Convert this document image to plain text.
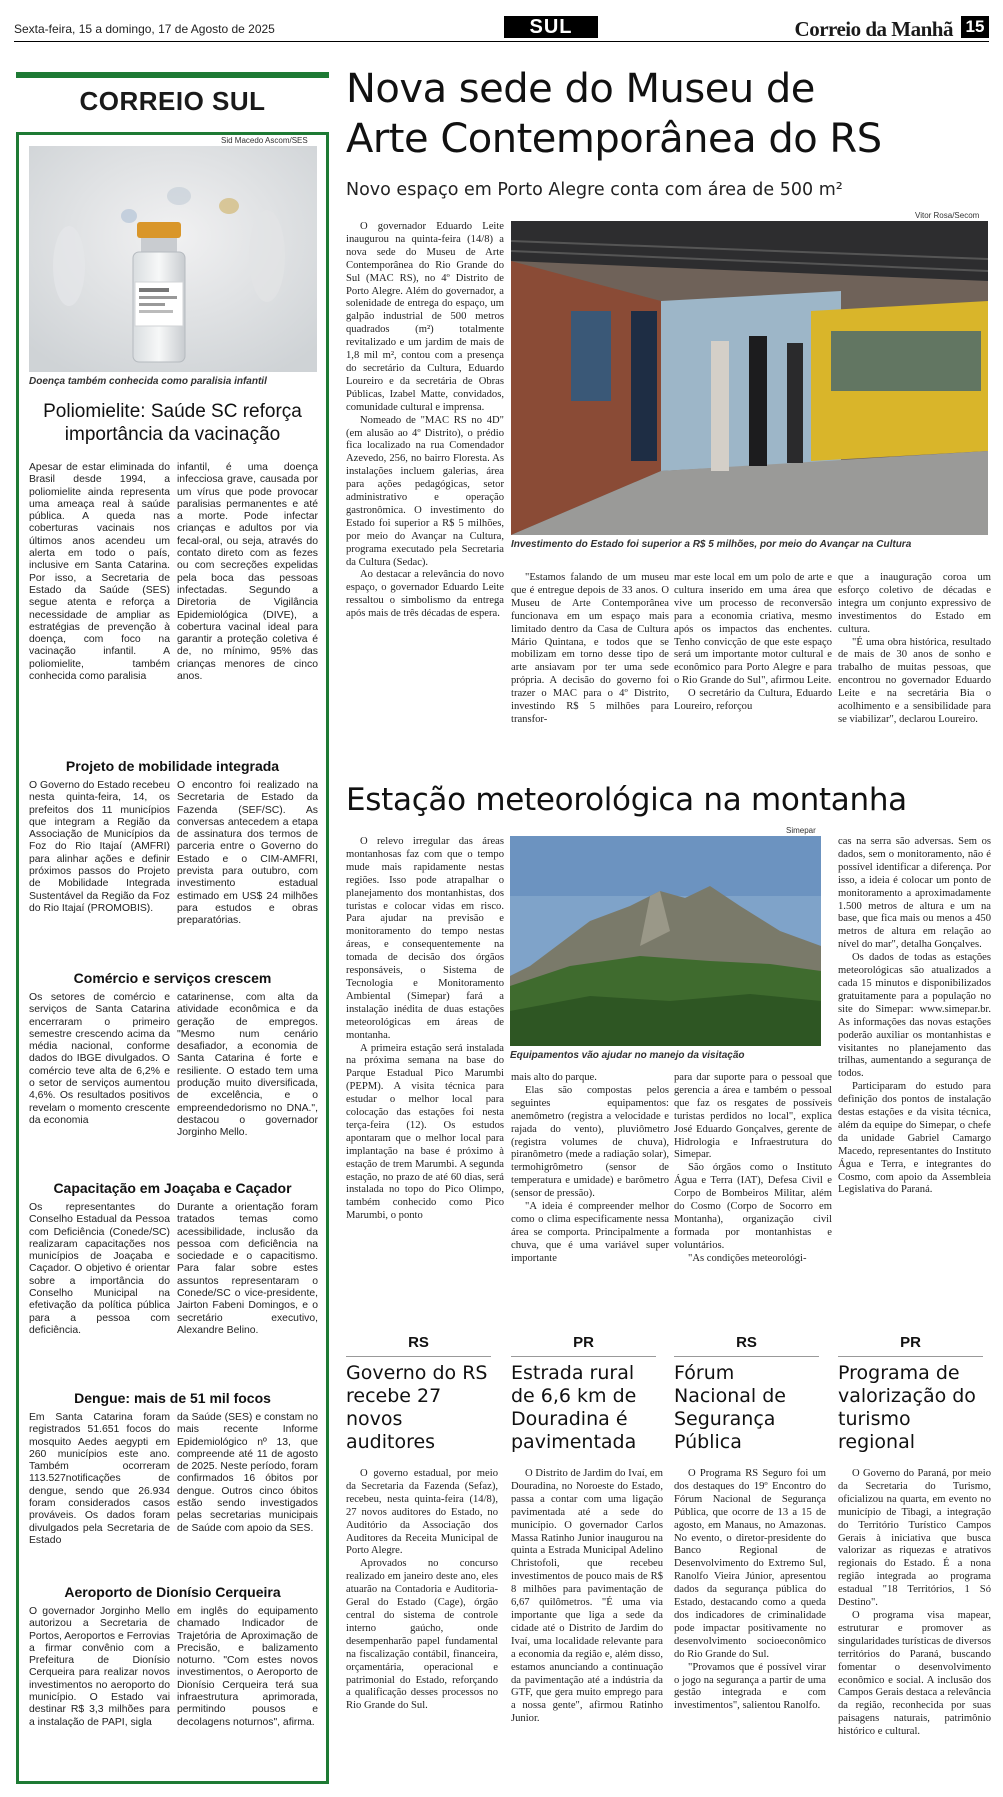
Sexta-feira, 15 a domingo, 17 de Agosto de 2025	SUL	Correio da Manhã 15
CORREIO SUL
Sid Macedo Ascom/SES
Doença também conhecida como paralisia infantil
Poliomielite: Saúde SC reforça importância da vacinação

Apesar de estar eliminada do Brasil desde 1994, a poliomielite ainda representa uma ameaça real à saúde pública. A queda nas coberturas vacinais nos últimos anos acendeu um alerta em todo o país, inclusive em Santa Catarina. Por isso, a Secretaria de Estado da Saúde (SES) segue atenta e reforça a necessidade de ampliar as estratégias de prevenção à doença, com foco na vacinação infantil. A poliomielite, também conhecida como paralisia

infantil, é uma doença infecciosa grave, causada por um vírus que pode provocar paralisias permanentes e até a morte. Pode infectar crianças e adultos por via fecal-oral, ou seja, através do contato direto com as fezes ou com secreções expelidas pela boca das pessoas infectadas. Segundo a Diretoria de Vigilância Epidemiológica (DIVE), a cobertura vacinal ideal para garantir a proteção coletiva é de, no mínimo, 95% das crianças menores de cinco anos.

Projeto de mobilidade integrada

O Governo do Estado recebeu nesta quinta-feira, 14, os prefeitos dos 11 municípios que integram a Região da Associação de Municípios da Foz do Rio Itajaí (AMFRI) para alinhar ações e definir próximos passos do Projeto de Mobilidade Integrada Sustentável da Região da Foz do Rio Itajaí (PROMOBIS).

O encontro foi realizado na Secretaria de Estado da Fazenda (SEF/SC). As conversas antecedem a etapa de assinatura dos termos de parceria entre o Governo do Estado e o CIM-AMFRI, prevista para outubro, com investimento estadual estimado em US$ 24 milhões para estudos e obras preparatórias.

Comércio e serviços crescem

Os setores de comércio e serviços de Santa Catarina encerraram o primeiro semestre crescendo acima da média nacional, conforme dados do IBGE divulgados. O comércio teve alta de 6,2% e o setor de serviços aumentou 4,6%. Os resultados positivos revelam o momento crescente da economia

catarinense, com alta da atividade econômica e da geração de empregos. "Mesmo num cenário desafiador, a economia de Santa Catarina é forte e resiliente. O estado tem uma produção muito diversificada, de excelência, e o empreendedorismo no DNA.", destacou o governador Jorginho Mello.

Capacitação em Joaçaba e Caçador

Os representantes do Conselho Estadual da Pessoa com Deficiência (Conede/SC) realizaram capacitações nos municípios de Joaçaba e Caçador. O objetivo é orientar sobre a importância do Conselho Municipal na efetivação da política pública para a pessoa com deficiência.

Durante a orientação foram tratados temas como acessibilidade, inclusão da pessoa com deficiência na sociedade e o capacitismo. Para falar sobre estes assuntos representaram o Conede/SC o vice-presidente, Jairton Fabeni Domingos, e o secretário executivo, Alexandre Belino.

Dengue: mais de 51 mil focos

Em Santa Catarina foram registrados 51.651 focos do mosquito Aedes aegypti em 260 municípios este ano. Também ocorreram 113.527notificações de dengue, sendo que 26.934 foram considerados casos prováveis. Os dados foram divulgados pela Secretaria de Estado

da Saúde (SES) e constam no mais recente Informe Epidemiológico nº 13, que compreende até 11 de agosto de 2025. Neste período, foram confirmados 16 óbitos por dengue. Outros cinco óbitos estão sendo investigados pelas secretarias municipais de Saúde com apoio da SES.

Aeroporto de Dionísio Cerqueira

O governador Jorginho Mello autorizou a Secretaria de Portos, Aeroportos e Ferrovias a firmar convênio com a Prefeitura de Dionísio Cerqueira para realizar novos investimentos no aeroporto do município. O Estado vai destinar R$ 3,3 milhões para a instalação de PAPI, sigla

em inglês do equipamento chamado Indicador de Trajetória de Aproximação de Precisão, e balizamento noturno. "Com estes novos investimentos, o Aeroporto de Dionísio Cerqueira terá sua infraestrutura aprimorada, permitindo pousos e decolagens noturnos", afirma.

Nova sede do Museu de
Arte Contemporânea do RS
Novo espaço em Porto Alegre conta com área de 500 m²
Vitor Rosa/Secom
Investimento do Estado foi superior a R$ 5 milhões, por meio do Avançar na Cultura

O governador Eduardo Leite inaugurou na quinta-feira (14/8) a nova sede do Museu de Arte Contemporânea do Rio Grande do Sul (MAC RS), no 4º Distrito de Porto Alegre. Além do governador, a solenidade de entrega do espaço, um galpão industrial de 500 metros quadrados (m²) totalmente revitalizado e um jardim de mais de 1,8 mil m², contou com a presença do secretário da Cultura, Eduardo Loureiro e da secretária de Obras Públicas, Izabel Matte, convidados, comunidade cultural e imprensa.

Nomeado de "MAC RS no 4D" (em alusão ao 4º Distrito), o prédio fica localizado na rua Comendador Azevedo, 256, no bairro Floresta. As instalações incluem galerias, área para ações pedagógicas, setor administrativo e operação gastronômica. O investimento do Estado foi superior a R$ 5 milhões, por meio do Avançar na Cultura, programa executado pela Secretaria da Cultura (Sedac).

Ao destacar a relevância do novo espaço, o governador Eduardo Leite ressaltou o simbolismo da entrega após mais de três décadas de espera.

"Estamos falando de um museu que é entregue depois de 33 anos. O Museu de Arte Contemporânea funcionava em um espaço mais limitado dentro da Casa de Cultura Mário Quintana, e todos que se mobilizam em torno desse tipo de arte ansiavam por ter uma sede própria. A decisão do governo foi trazer o MAC para o 4º Distrito, investindo R$ 5 milhões para transfor-

mar este local em um polo de arte e cultura inserido em uma área que vive um processo de reconversão para a economia criativa, mesmo após os impactos das enchentes. Tenho convicção de que este espaço será um importante motor cultural e econômico para Porto Alegre e para o Rio Grande do Sul", afirmou Leite.

O secretário da Cultura, Eduardo Loureiro, reforçou

que a inauguração coroa um esforço coletivo de décadas e integra um conjunto expressivo de investimentos do Estado em cultura.

"É uma obra histórica, resultado de mais de 30 anos de sonho e trabalho de muitas pessoas, que encontrou no governador Eduardo Leite e na secretária Bia o acolhimento e a sensibilidade para se viabilizar", declarou Loureiro.

Estação meteorológica na montanha
Simepar
Equipamentos vão ajudar no manejo da visitação

O relevo irregular das áreas montanhosas faz com que o tempo mude mais rapidamente nestas regiões. Isso pode atrapalhar o planejamento dos montanhistas, dos turistas e colocar vidas em risco. Para ajudar na previsão e monitoramento do tempo nestas áreas, e consequentemente na tomada de decisão dos órgãos responsáveis, o Sistema de Tecnologia e Monitoramento Ambiental (Simepar) fará a instalação inédita de duas estações meteorológicas em áreas de montanha.

A primeira estação será instalada na próxima semana na base do Parque Estadual Pico Marumbi (PEPM). A visita técnica para estudar o melhor local para colocação das estações foi nesta terça-feira (12). Os estudos apontaram que o melhor local para implantação na base é próximo à estação de trem Marumbi. A segunda estação, no prazo de até 60 dias, será instalada no topo do Pico Olimpo, também conhecido como Pico Marumbi, o ponto

mais alto do parque.

Elas são compostas pelos seguintes equipamentos: anemômetro (registra a velocidade e rajada do vento), pluviômetro (registra volumes de chuva), piranômetro (mede a radiação solar), termohigrômetro (sensor de temperatura e umidade) e barômetro (sensor de pressão).

"A ideia é compreender melhor como o clima especificamente nessa área se comporta. Principalmente a chuva, que é uma variável super importante

para dar suporte para o pessoal que gerencia a área e também o pessoal que faz os resgates de possíveis turistas perdidos no local", explica José Eduardo Gonçalves, gerente de Hidrologia e Infraestrutura do Simepar.

São órgãos como o Instituto Água e Terra (IAT), Defesa Civil e Corpo de Bombeiros Militar, além do Cosmo (Corpo de Socorro em Montanha), organização civil formada por montanhistas e voluntários.

"As condições meteorológi-

cas na serra são adversas. Sem os dados, sem o monitoramento, não é possível identificar a diferença. Por isso, a ideia é colocar um ponto de monitoramento a aproximadamente 1.500 metros de altura e um na base, que fica mais ou menos a 450 metros de altura em relação ao nível do mar", detalha Gonçalves.

Os dados de todas as estações meteorológicas são atualizados a cada 15 minutos e disponibilizados gratuitamente para a população no site do Simepar: www.simepar.br. As informações das novas estações poderão auxiliar os montanhistas e visitantes no planejamento das trilhas, aumentando a segurança de todos.

Participaram do estudo para definição dos pontos de instalação destas estações e da visita técnica, além da equipe do Simepar, o chefe da unidade Gabriel Camargo Macedo, representantes do Instituto Água e Terra, e integrantes do Cosmo, com apoio da Assembleia Legislativa do Paraná.

RS
Governo do RS recebe 27 novos auditores

O governo estadual, por meio da Secretaria da Fazenda (Sefaz), recebeu, nesta quinta-feira (14/8), 27 novos auditores do Estado, no Auditório da Associação dos Auditores da Receita Municipal de Porto Alegre.

Aprovados no concurso realizado em janeiro deste ano, eles atuarão na Contadoria e Auditoria-Geral do Estado (Cage), órgão central do sistema de controle interno gaúcho, onde desempenharão papel fundamental na fiscalização contábil, financeira, orçamentária, operacional e patrimonial do Estado, reforçando a qualificação desses processos no Rio Grande do Sul.

PR
Estrada rural de 6,6 km de Douradina é pavimentada

O Distrito de Jardim do Ivaí, em Douradina, no Noroeste do Estado, passa a contar com uma ligação pavimentada até a sede do município. O governador Carlos Massa Ratinho Junior inaugurou na quinta a Estrada Municipal Adelino Christofoli, que recebeu investimentos de pouco mais de R$ 8 milhões para pavimentação de 6,67 quilômetros. "É uma via importante que liga a sede da cidade até o Distrito de Jardim do Ivaí, uma localidade relevante para a economia da região e, além disso, estamos anunciando a continuação da pavimentação até a indústria da GTF, que gera muito emprego para a nossa gente", afirmou Ratinho Junior.

RS
Fórum Nacional de Segurança Pública

O Programa RS Seguro foi um dos destaques do 19º Encontro do Fórum Nacional de Segurança Pública, que ocorre de 13 a 15 de agosto, em Manaus, no Amazonas. No evento, o diretor-presidente do Banco Regional de Desenvolvimento do Extremo Sul, Ranolfo Vieira Júnior, apresentou dados da segurança pública do Estado, destacando como a queda dos indicadores de criminalidade pode impactar positivamente no desenvolvimento socioeconômico do Rio Grande do Sul.

"Provamos que é possível virar o jogo na segurança a partir de uma gestão integrada e com investimentos", salientou Ranolfo.

PR
Programa de valorização do turismo regional

O Governo do Paraná, por meio da Secretaria do Turismo, oficializou na quarta, em evento no município de Tibagi, a integração do Território Turístico Campos Gerais à iniciativa que busca valorizar as riquezas e atrativos regionais do Estado. É a nona região integrada ao programa estadual "18 Territórios, 1 Só Destino".

O programa visa mapear, estruturar e promover as singularidades turísticas de diversos territórios do Paraná, buscando fomentar o desenvolvimento econômico e social. A inclusão dos Campos Gerais destaca a relevância da região, reconhecida por suas paisagens naturais, patrimônio histórico e cultural.
